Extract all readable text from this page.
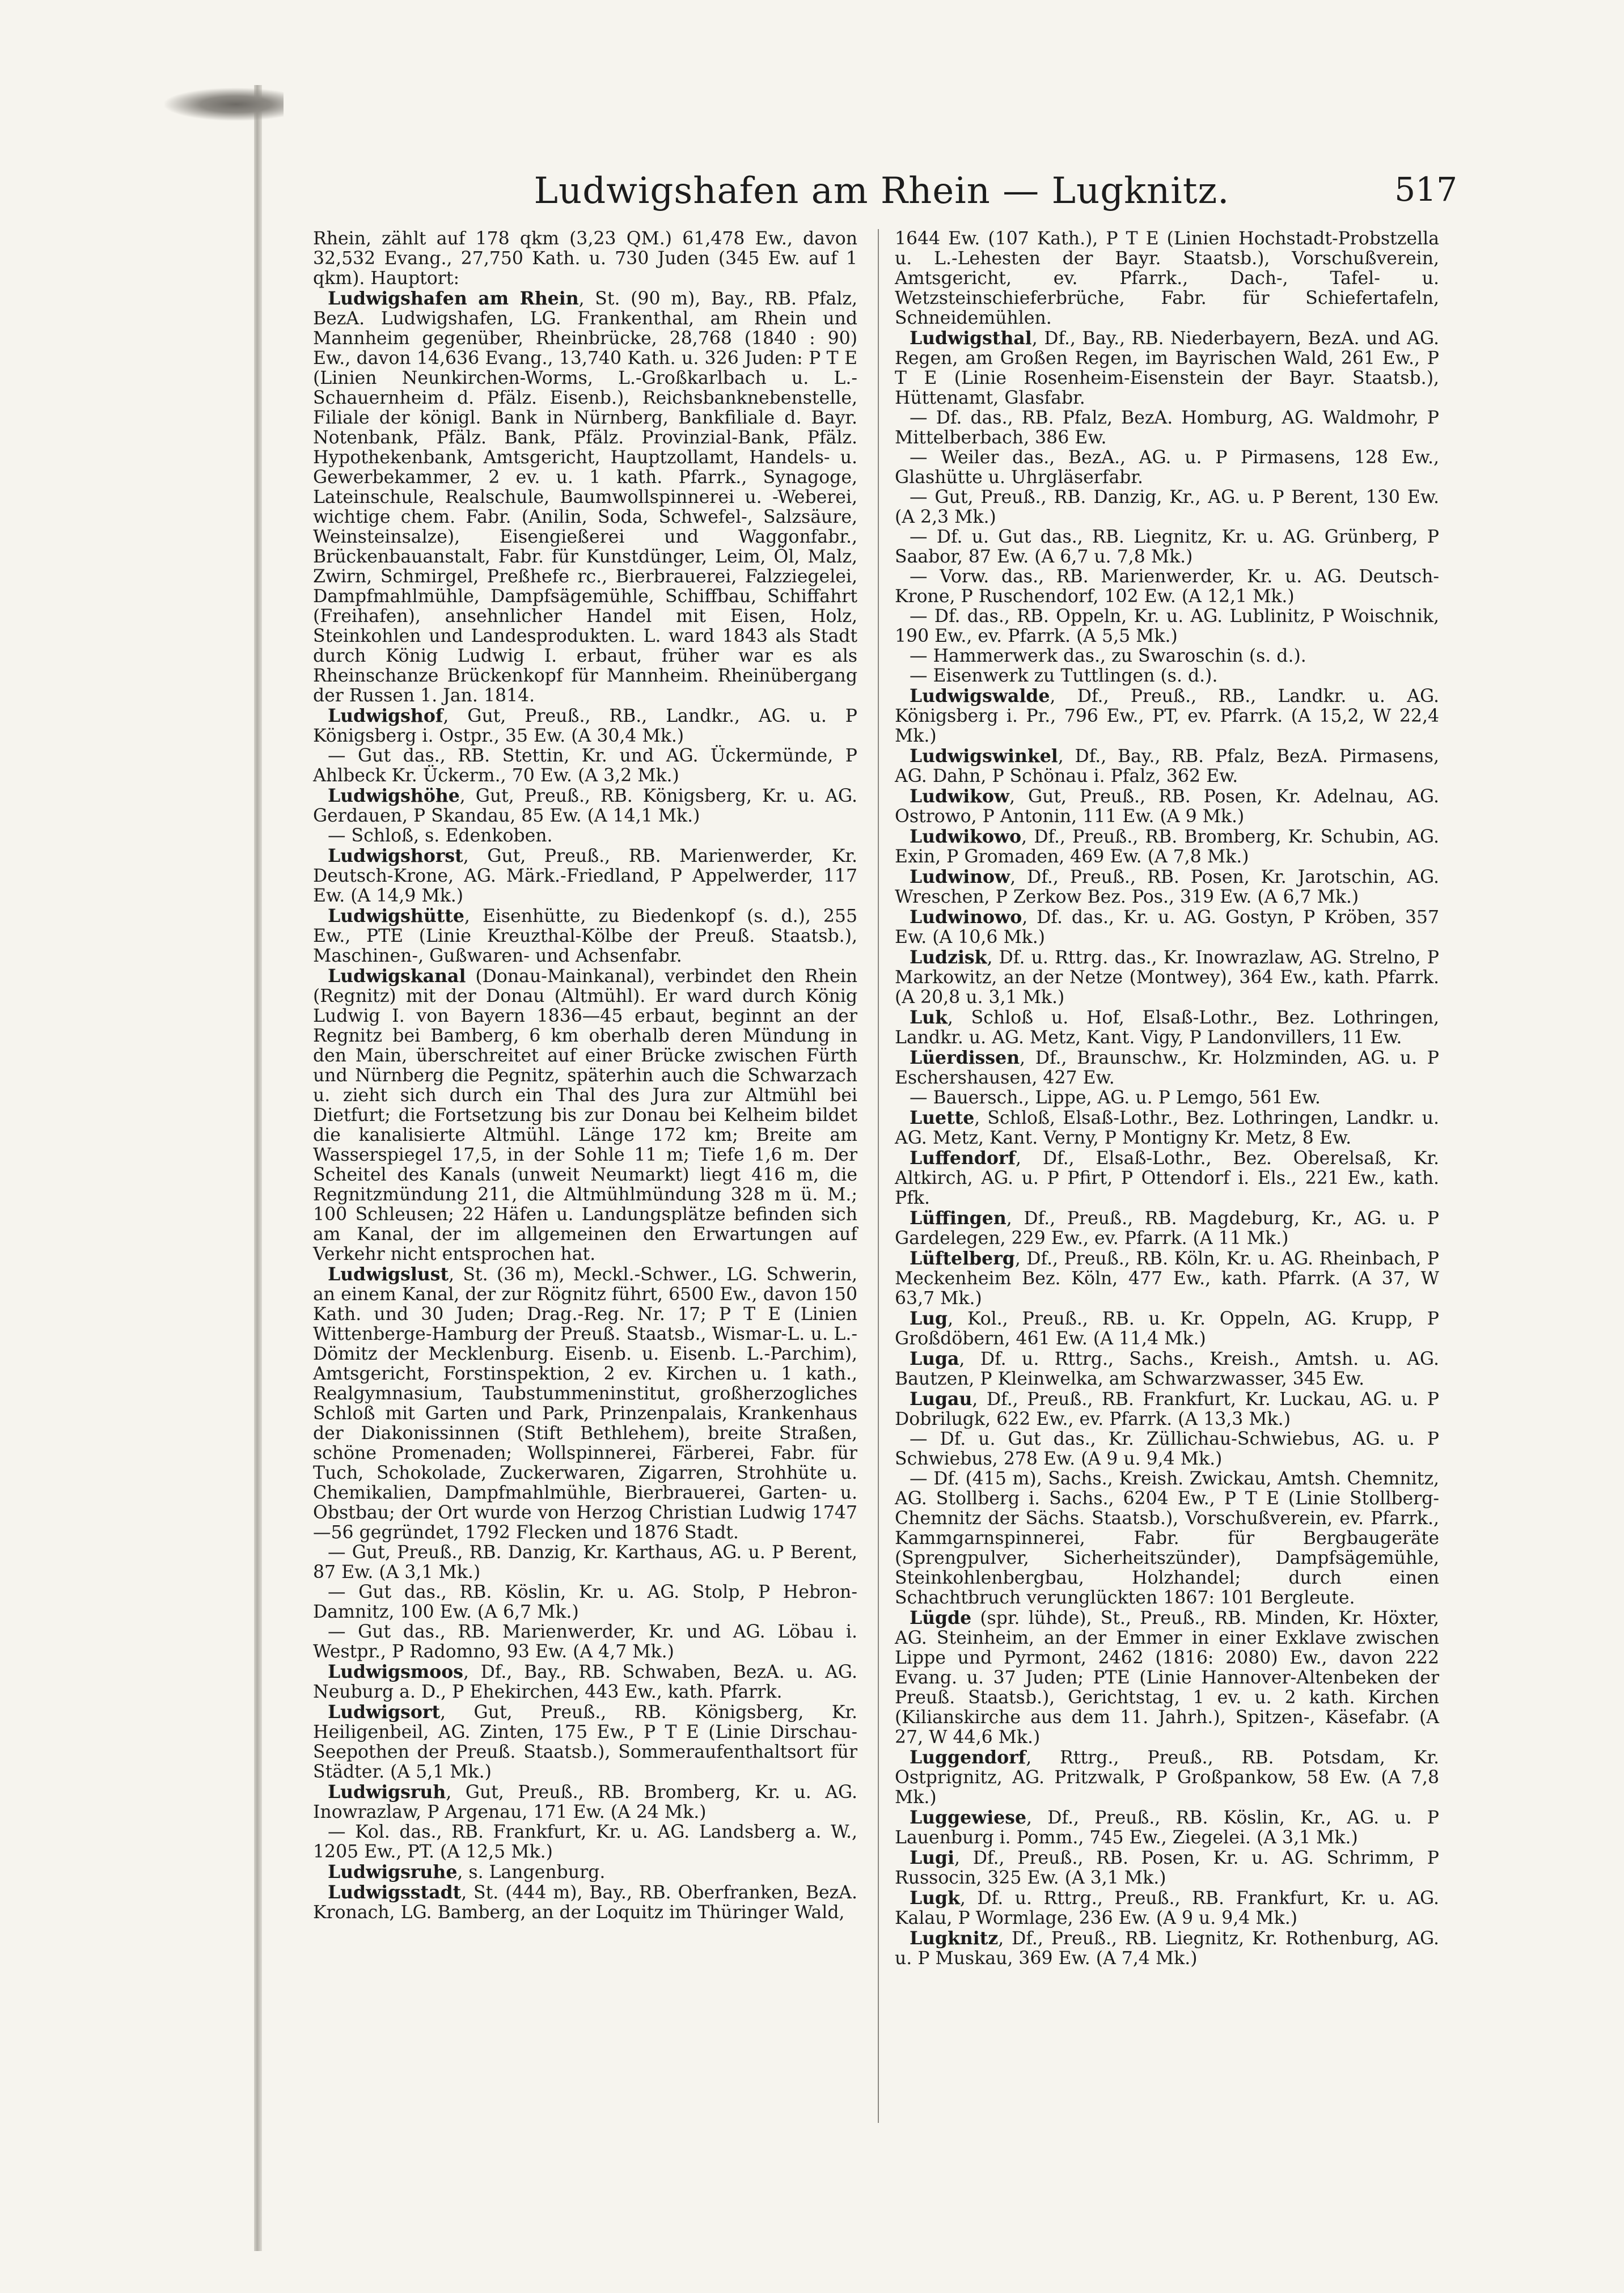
Ludwigshafen am Rhein — Lugknitz.	517

Rhein, zählt auf 178 qkm (3,23 QM.) 61,478 Ew., davon 32,532 Evang., 27,750 Kath. u. 730 Juden (345 Ew. auf 1 qkm). Hauptort:

Ludwigshafen am Rhein, St. (90 m), Bay., RB. Pfalz, BezA. Ludwigshafen, LG. Frankenthal, am Rhein und Mannheim gegenüber, Rheinbrücke, 28,768 (1840 : 90) Ew., davon 14,636 Evang., 13,740 Kath. u. 326 Juden: P T E (Linien Neunkirchen-Worms, L.-Großkarlbach u. L.-Schauernheim d. Pfälz. Eisenb.), Reichsbanknebenstelle, Filiale der königl. Bank in Nürnberg, Bankfiliale d. Bayr. Notenbank, Pfälz. Bank, Pfälz. Provinzial-Bank, Pfälz. Hypothekenbank, Amtsgericht, Hauptzollamt, Handels- u. Gewerbekammer, 2 ev. u. 1 kath. Pfarrk., Synagoge, Lateinschule, Realschule, Baumwollspinnerei u. -Weberei, wichtige chem. Fabr. (Anilin, Soda, Schwefel-, Salzsäure, Weinsteinsalze), Eisengießerei und Waggonfabr., Brückenbauanstalt, Fabr. für Kunstdünger, Leim, Öl, Malz, Zwirn, Schmirgel, Preßhefe rc., Bierbrauerei, Falzziegelei, Dampfmahlmühle, Dampfsägemühle, Schiffbau, Schiffahrt (Freihafen), ansehnlicher Handel mit Eisen, Holz, Steinkohlen und Landesprodukten. L. ward 1843 als Stadt durch König Ludwig I. erbaut, früher war es als Rheinschanze Brückenkopf für Mannheim. Rheinübergang der Russen 1. Jan. 1814.

Ludwigshof, Gut, Preuß., RB., Landkr., AG. u. P Königsberg i. Ostpr., 35 Ew. (A 30,4 Mk.)

— Gut das., RB. Stettin, Kr. und AG. Ückermünde, P Ahlbeck Kr. Ückerm., 70 Ew. (A 3,2 Mk.)

Ludwigshöhe, Gut, Preuß., RB. Königsberg, Kr. u. AG. Gerdauen, P Skandau, 85 Ew. (A 14,1 Mk.)

— Schloß, s. Edenkoben.

Ludwigshorst, Gut, Preuß., RB. Marienwerder, Kr. Deutsch-Krone, AG. Märk.-Friedland, P Appelwerder, 117 Ew. (A 14,9 Mk.)

Ludwigshütte, Eisenhütte, zu Biedenkopf (s. d.), 255 Ew., PTE (Linie Kreuzthal-Kölbe der Preuß. Staatsb.), Maschinen-, Gußwaren- und Achsenfabr.

Ludwigskanal (Donau-Mainkanal), verbindet den Rhein (Regnitz) mit der Donau (Altmühl). Er ward durch König Ludwig I. von Bayern 1836—45 erbaut, beginnt an der Regnitz bei Bamberg, 6 km oberhalb deren Mündung in den Main, überschreitet auf einer Brücke zwischen Fürth und Nürnberg die Pegnitz, späterhin auch die Schwarzach u. zieht sich durch ein Thal des Jura zur Altmühl bei Dietfurt; die Fortsetzung bis zur Donau bei Kelheim bildet die kanalisierte Altmühl. Länge 172 km; Breite am Wasserspiegel 17,5, in der Sohle 11 m; Tiefe 1,6 m. Der Scheitel des Kanals (unweit Neumarkt) liegt 416 m, die Regnitzmündung 211, die Altmühlmündung 328 m ü. M.; 100 Schleusen; 22 Häfen u. Landungsplätze befinden sich am Kanal, der im allgemeinen den Erwartungen auf Verkehr nicht entsprochen hat.

Ludwigslust, St. (36 m), Meckl.-Schwer., LG. Schwerin, an einem Kanal, der zur Rögnitz führt, 6500 Ew., davon 150 Kath. und 30 Juden; Drag.-Reg. Nr. 17; P T E (Linien Wittenberge-Hamburg der Preuß. Staatsb., Wismar-L. u. L.-Dömitz der Mecklenburg. Eisenb. u. Eisenb. L.-Parchim), Amtsgericht, Forstinspektion, 2 ev. Kirchen u. 1 kath., Realgymnasium, Taubstummeninstitut, großherzogliches Schloß mit Garten und Park, Prinzenpalais, Krankenhaus der Diakonissinnen (Stift Bethlehem), breite Straßen, schöne Promenaden; Wollspinnerei, Färberei, Fabr. für Tuch, Schokolade, Zuckerwaren, Zigarren, Strohhüte u. Chemikalien, Dampfmahlmühle, Bierbrauerei, Garten- u. Obstbau; der Ort wurde von Herzog Christian Ludwig 1747—56 gegründet, 1792 Flecken und 1876 Stadt.

— Gut, Preuß., RB. Danzig, Kr. Karthaus, AG. u. P Berent, 87 Ew. (A 3,1 Mk.)

— Gut das., RB. Köslin, Kr. u. AG. Stolp, P Hebron-Damnitz, 100 Ew. (A 6,7 Mk.)

— Gut das., RB. Marienwerder, Kr. und AG. Löbau i. Westpr., P Radomno, 93 Ew. (A 4,7 Mk.)

Ludwigsmoos, Df., Bay., RB. Schwaben, BezA. u. AG. Neuburg a. D., P Ehekirchen, 443 Ew., kath. Pfarrk.

Ludwigsort, Gut, Preuß., RB. Königsberg, Kr. Heiligenbeil, AG. Zinten, 175 Ew., P T E (Linie Dirschau-Seepothen der Preuß. Staatsb.), Sommeraufenthaltsort für Städter. (A 5,1 Mk.)

Ludwigsruh, Gut, Preuß., RB. Bromberg, Kr. u. AG. Inowrazlaw, P Argenau, 171 Ew. (A 24 Mk.)

— Kol. das., RB. Frankfurt, Kr. u. AG. Landsberg a. W., 1205 Ew., PT. (A 12,5 Mk.)

Ludwigsruhe, s. Langenburg.

Ludwigsstadt, St. (444 m), Bay., RB. Oberfranken, BezA. Kronach, LG. Bamberg, an der Loquitz im Thüringer Wald,

1644 Ew. (107 Kath.), P T E (Linien Hochstadt-Probstzella u. L.-Lehesten der Bayr. Staatsb.), Vorschußverein, Amtsgericht, ev. Pfarrk., Dach-, Tafel- u. Wetzsteinschieferbrüche, Fabr. für Schiefertafeln, Schneidemühlen.

Ludwigsthal, Df., Bay., RB. Niederbayern, BezA. und AG. Regen, am Großen Regen, im Bayrischen Wald, 261 Ew., P T E (Linie Rosenheim-Eisenstein der Bayr. Staatsb.), Hüttenamt, Glasfabr.

— Df. das., RB. Pfalz, BezA. Homburg, AG. Waldmohr, P Mittelberbach, 386 Ew.

— Weiler das., BezA., AG. u. P Pirmasens, 128 Ew., Glashütte u. Uhrgläserfabr.

— Gut, Preuß., RB. Danzig, Kr., AG. u. P Berent, 130 Ew. (A 2,3 Mk.)

— Df. u. Gut das., RB. Liegnitz, Kr. u. AG. Grünberg, P Saabor, 87 Ew. (A 6,7 u. 7,8 Mk.)

— Vorw. das., RB. Marienwerder, Kr. u. AG. Deutsch-Krone, P Ruschendorf, 102 Ew. (A 12,1 Mk.)

— Df. das., RB. Oppeln, Kr. u. AG. Lublinitz, P Woischnik, 190 Ew., ev. Pfarrk. (A 5,5 Mk.)

— Hammerwerk das., zu Swaroschin (s. d.).

— Eisenwerk zu Tuttlingen (s. d.).

Ludwigswalde, Df., Preuß., RB., Landkr. u. AG. Königsberg i. Pr., 796 Ew., PT, ev. Pfarrk. (A 15,2, W 22,4 Mk.)

Ludwigswinkel, Df., Bay., RB. Pfalz, BezA. Pirmasens, AG. Dahn, P Schönau i. Pfalz, 362 Ew.

Ludwikow, Gut, Preuß., RB. Posen, Kr. Adelnau, AG. Ostrowo, P Antonin, 111 Ew. (A 9 Mk.)

Ludwikowo, Df., Preuß., RB. Bromberg, Kr. Schubin, AG. Exin, P Gromaden, 469 Ew. (A 7,8 Mk.)

Ludwinow, Df., Preuß., RB. Posen, Kr. Jarotschin, AG. Wreschen, P Zerkow Bez. Pos., 319 Ew. (A 6,7 Mk.)

Ludwinowo, Df. das., Kr. u. AG. Gostyn, P Kröben, 357 Ew. (A 10,6 Mk.)

Ludzisk, Df. u. Rttrg. das., Kr. Inowrazlaw, AG. Strelno, P Markowitz, an der Netze (Montwey), 364 Ew., kath. Pfarrk. (A 20,8 u. 3,1 Mk.)

Luk, Schloß u. Hof, Elsaß-Lothr., Bez. Lothringen, Landkr. u. AG. Metz, Kant. Vigy, P Landonvillers, 11 Ew.

Lüerdissen, Df., Braunschw., Kr. Holzminden, AG. u. P Eschershausen, 427 Ew.

— Bauersch., Lippe, AG. u. P Lemgo, 561 Ew.

Luette, Schloß, Elsaß-Lothr., Bez. Lothringen, Landkr. u. AG. Metz, Kant. Verny, P Montigny Kr. Metz, 8 Ew.

Luffendorf, Df., Elsaß-Lothr., Bez. Oberelsaß, Kr. Altkirch, AG. u. P Pfirt, P Ottendorf i. Els., 221 Ew., kath. Pfk.

Lüffingen, Df., Preuß., RB. Magdeburg, Kr., AG. u. P Gardelegen, 229 Ew., ev. Pfarrk. (A 11 Mk.)

Lüftelberg, Df., Preuß., RB. Köln, Kr. u. AG. Rheinbach, P Meckenheim Bez. Köln, 477 Ew., kath. Pfarrk. (A 37, W 63,7 Mk.)

Lug, Kol., Preuß., RB. u. Kr. Oppeln, AG. Krupp, P Großdöbern, 461 Ew. (A 11,4 Mk.)

Luga, Df. u. Rttrg., Sachs., Kreish., Amtsh. u. AG. Bautzen, P Kleinwelka, am Schwarzwasser, 345 Ew.

Lugau, Df., Preuß., RB. Frankfurt, Kr. Luckau, AG. u. P Dobrilugk, 622 Ew., ev. Pfarrk. (A 13,3 Mk.)

— Df. u. Gut das., Kr. Züllichau-Schwiebus, AG. u. P Schwiebus, 278 Ew. (A 9 u. 9,4 Mk.)

— Df. (415 m), Sachs., Kreish. Zwickau, Amtsh. Chemnitz, AG. Stollberg i. Sachs., 6204 Ew., P T E (Linie Stollberg-Chemnitz der Sächs. Staatsb.), Vorschußverein, ev. Pfarrk., Kammgarnspinnerei, Fabr. für Bergbaugeräte (Sprengpulver, Sicherheitszünder), Dampfsägemühle, Steinkohlenbergbau, Holzhandel; durch einen Schachtbruch verunglückten 1867: 101 Bergleute.

Lügde (spr. lühde), St., Preuß., RB. Minden, Kr. Höxter, AG. Steinheim, an der Emmer in einer Exklave zwischen Lippe und Pyrmont, 2462 (1816: 2080) Ew., davon 222 Evang. u. 37 Juden; PTE (Linie Hannover-Altenbeken der Preuß. Staatsb.), Gerichtstag, 1 ev. u. 2 kath. Kirchen (Kilianskirche aus dem 11. Jahrh.), Spitzen-, Käsefabr. (A 27, W 44,6 Mk.)

Luggendorf, Rttrg., Preuß., RB. Potsdam, Kr. Ostprignitz, AG. Pritzwalk, P Großpankow, 58 Ew. (A 7,8 Mk.)

Luggewiese, Df., Preuß., RB. Köslin, Kr., AG. u. P Lauenburg i. Pomm., 745 Ew., Ziegelei. (A 3,1 Mk.)

Lugi, Df., Preuß., RB. Posen, Kr. u. AG. Schrimm, P Russocin, 325 Ew. (A 3,1 Mk.)

Lugk, Df. u. Rttrg., Preuß., RB. Frankfurt, Kr. u. AG. Kalau, P Wormlage, 236 Ew. (A 9 u. 9,4 Mk.)

Lugknitz, Df., Preuß., RB. Liegnitz, Kr. Rothenburg, AG. u. P Muskau, 369 Ew. (A 7,4 Mk.)
